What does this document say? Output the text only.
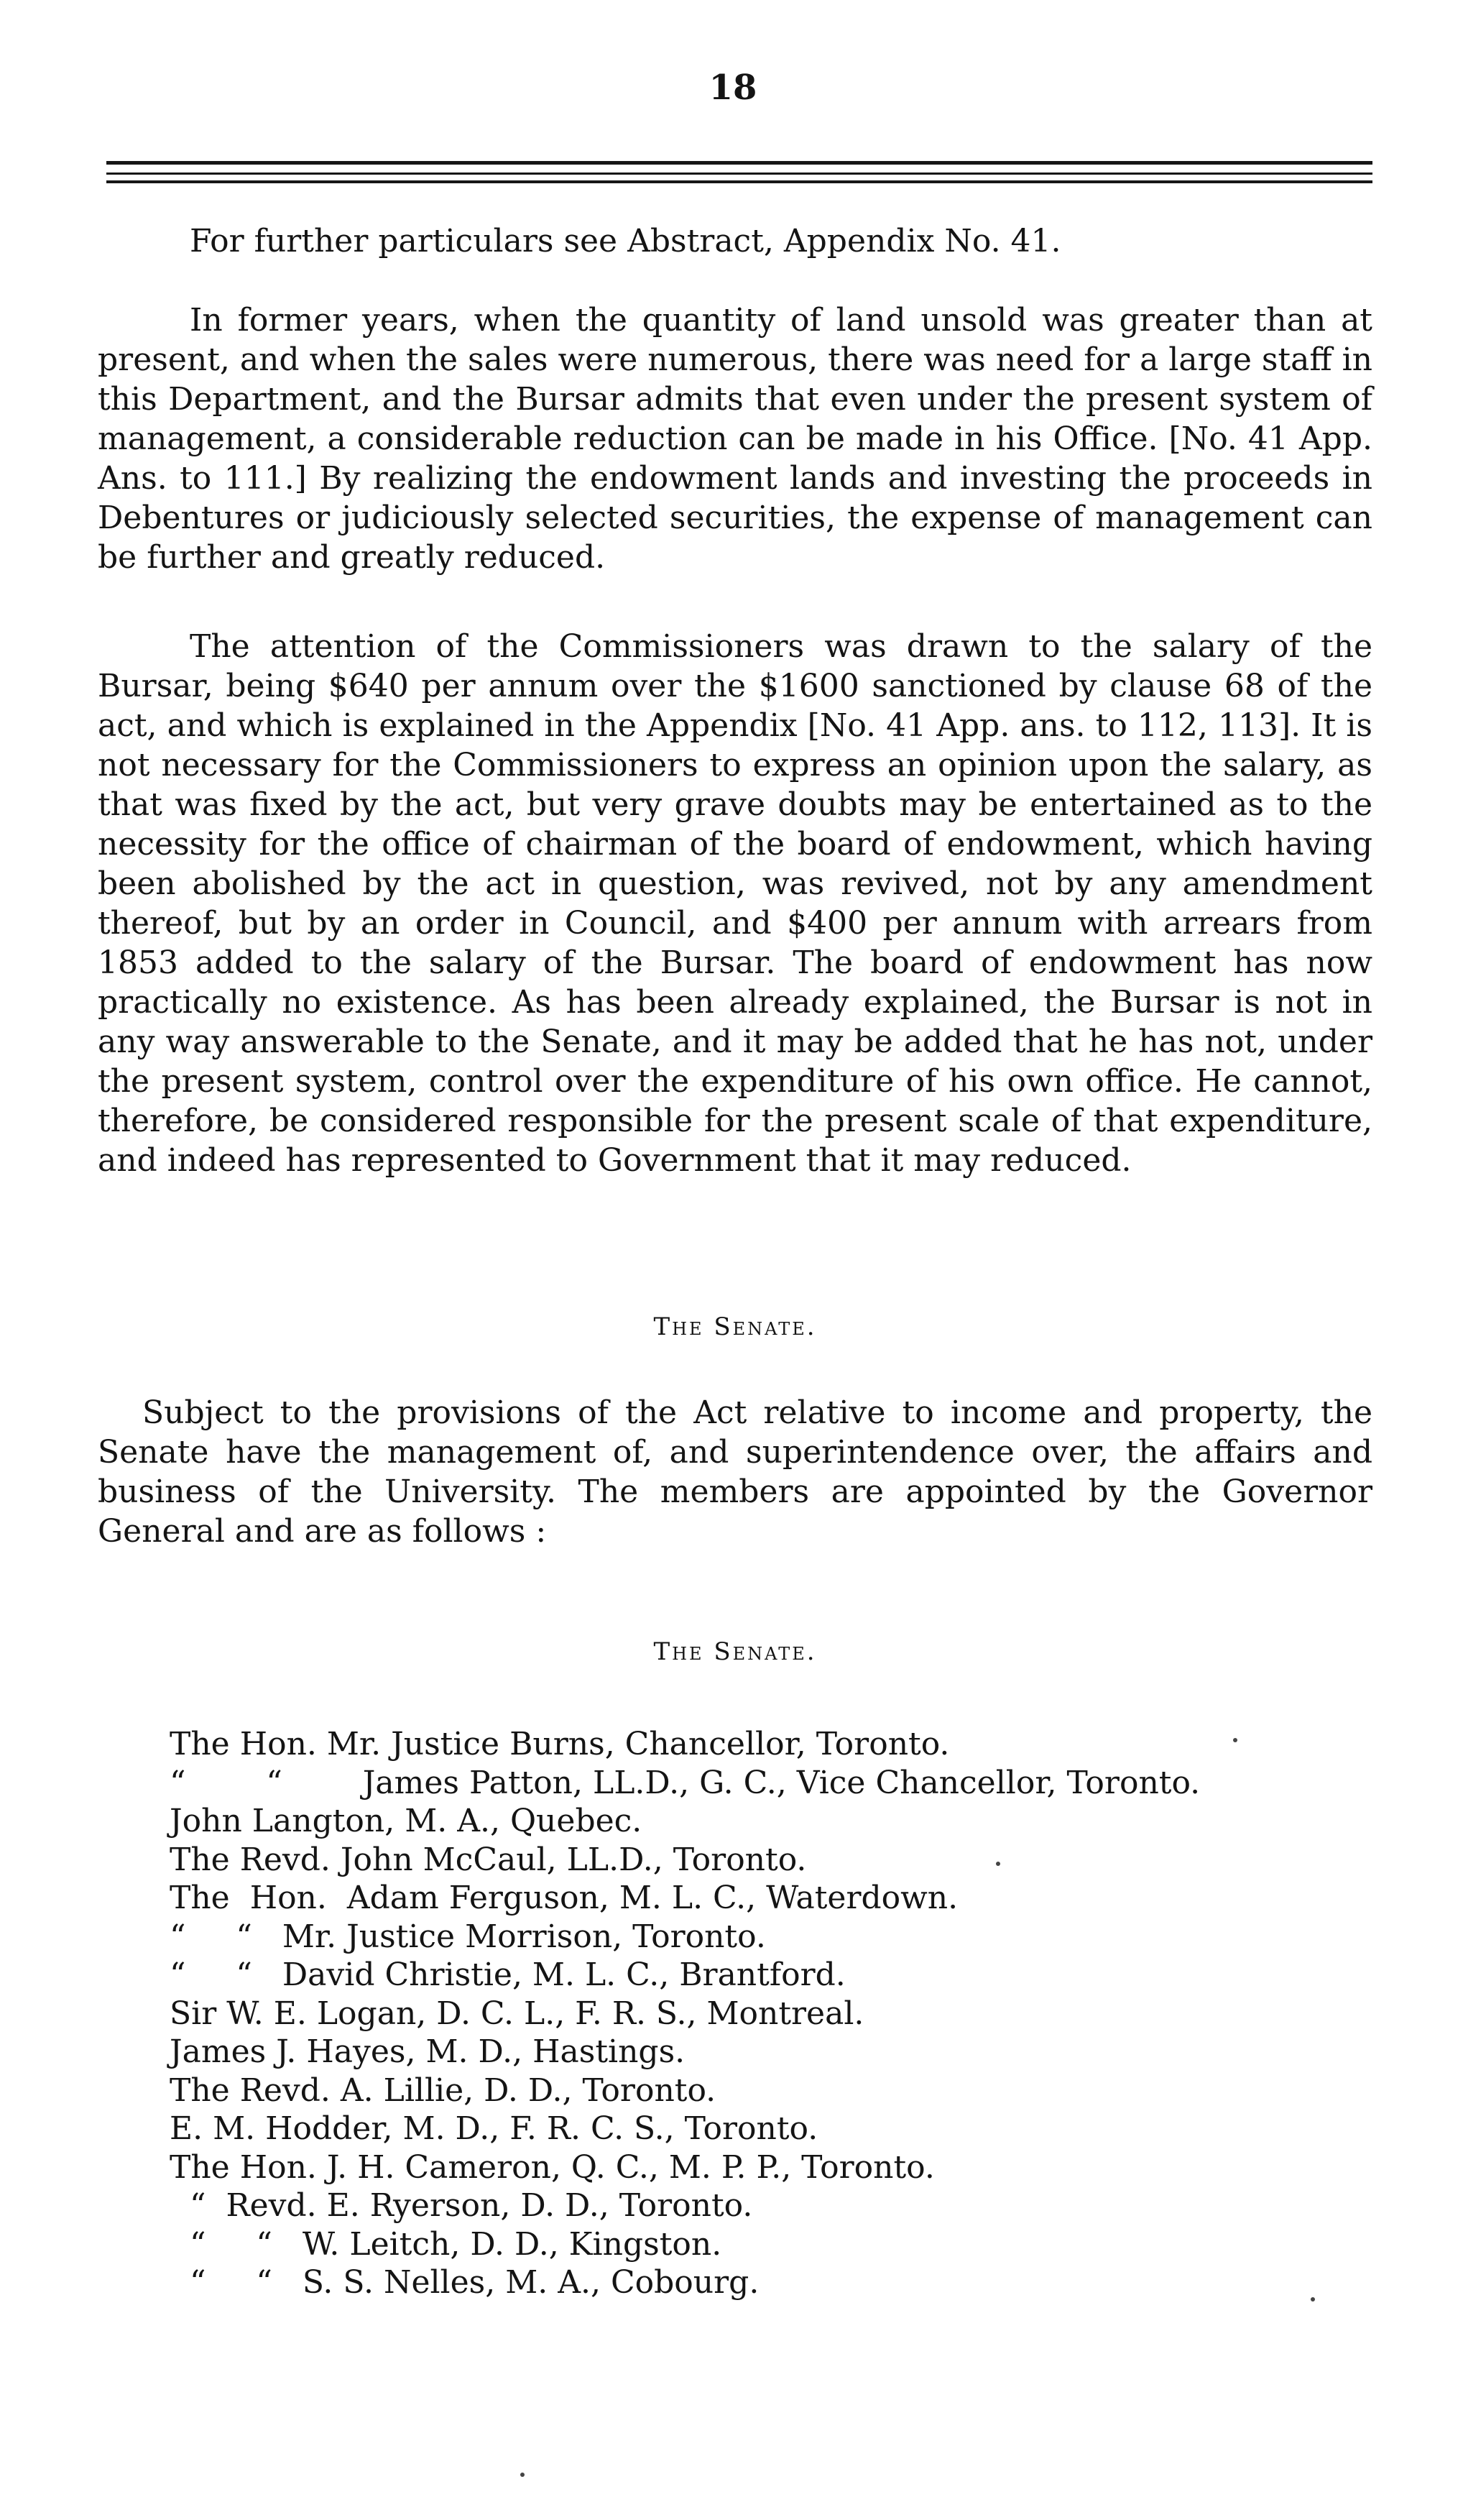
18

For further particulars see Abstract, Appendix No. 41.

In former years, when the quantity of land unsold was greater than at present, and when the sales were numerous, there was need for a large staff in this Department, and the Bursar admits that even under the present system of management, a considerable reduction can be made in his Office. [No. 41 App. Ans. to 111.] By realizing the endowment lands and investing the proceeds in Debentures or judiciously selected securities, the expense of management can be further and greatly reduced.

The attention of the Commissioners was drawn to the salary of the Bursar, being $640 per annum over the $1600 sanctioned by clause 68 of the act, and which is explained in the Appendix [No. 41 App. ans. to 112, 113]. It is not necessary for the Commissioners to express an opinion upon the salary, as that was fixed by the act, but very grave doubts may be entertained as to the necessity for the office of chairman of the board of endowment, which having been abolished by the act in question, was revived, not by any amendment thereof, but by an order in Council, and $400 per annum with arrears from 1853 added to the salary of the Bursar. The board of endowment has now practically no existence. As has been already explained, the Bursar is not in any way answerable to the Senate, and it may be added that he has not, under the present system, control over the expenditure of his own office. He cannot, therefore, be considered responsible for the present scale of that expenditure, and indeed has represented to Government that it may reduced.

The Senate.

Subject to the provisions of the Act relative to income and property, the Senate have the management of, and superintendence over, the affairs and business of the University. The members are appointed by the Governor General and are as follows :

The Senate.
The Hon. Mr. Justice Burns, Chancellor, Toronto.
“        “        James Patton, LL.D., G. C., Vice Chancellor, Toronto.
John Langton, M. A., Quebec.
The Revd. John McCaul, LL.D., Toronto.
The  Hon.  Adam Ferguson, M. L. C., Waterdown.
“     “   Mr. Justice Morrison, Toronto.
“     “   David Christie, M. L. C., Brantford.
Sir W. E. Logan, D. C. L., F. R. S., Montreal.
James J. Hayes, M. D., Hastings.
The Revd. A. Lillie, D. D., Toronto.
E. M. Hodder, M. D., F. R. C. S., Toronto.
The Hon. J. H. Cameron, Q. C., M. P. P., Toronto.
“  Revd. E. Ryerson, D. D., Toronto.
“     “   W. Leitch, D. D., Kingston.
“     “   S. S. Nelles, M. A., Cobourg.
